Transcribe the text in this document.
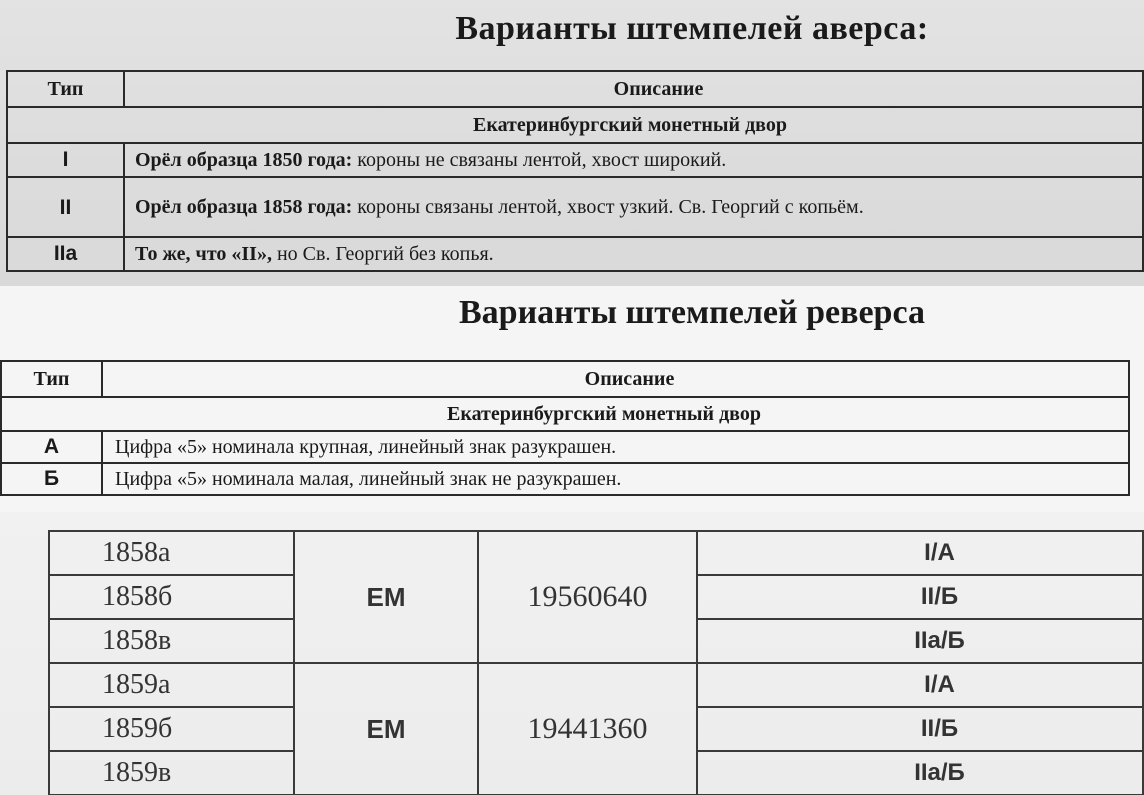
Варианты штемпелей аверса:
Тип	Описание
Екатеринбургский монетный двор	
I	Орёл образца 1850 года: короны не связаны лентой, хвост широкий.
II	Орёл образца 1858 года: короны связаны лентой, хвост узкий. Св. Георгий с копьём.
IIa	То же, что «II», но Св. Георгий без копья.
Варианты штемпелей реверса
Тип	Описание
Екатеринбургский монетный двор	
А	Цифра «5» номинала крупная, линейный знак разукрашен.
Б	Цифра «5» номинала малая, линейный знак не разукрашен.
1858а	ЕМ	19560640	I/А
1858б			II/Б
1858в			IIа/Б
1859а	ЕМ	19441360	I/А
1859б			II/Б
1859в			IIа/Б
